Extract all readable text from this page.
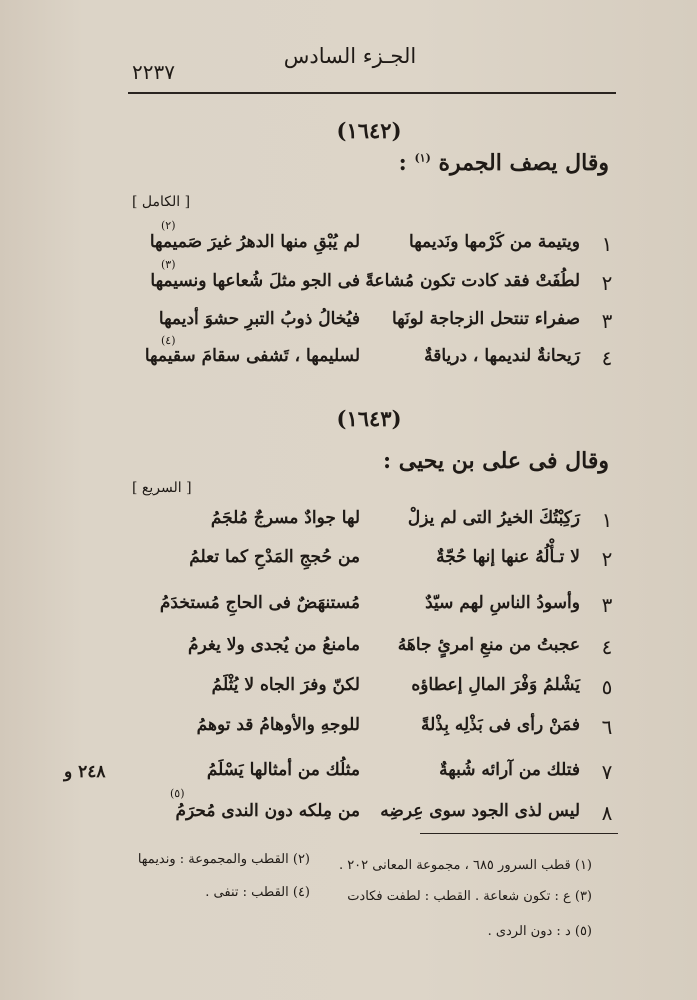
الجـزء السادس
٢٢٣٧
(١٦٤٢)
وقال يصف الجمرة $^{(١)}$ :
[ الكامل ]
١
ويتيمة من كَرْمها ونَديمها
لم يُبْقِ منها الدهرُ غيرَ صَميمها
(٢)
٢
لطُفَتْ فقد كادت تكون مُشاعةً
فى الجو مثلَ شُعاعها ونسيمها
(٣)
٣
صفراء تنتحل الزجاجة لونَها
فيُخالُ ذوبُ التبرِ حشوَ أديمها
٤
رَيحانةٌ لنديمها ، درياقةٌ
لسليمها ، تَشفى سقامَ سقيمها
(٤)
(١٦٤٣)
وقال فى على بن يحيى :
[ السريع ]
١
رَكِبْتُكَ الخيرُ التى لم يزلْ
لها جوادٌ مسرجٌ مُلجَمُ
٢
لا تـأْلُهُ عنها إنها حُجّةٌ
من حُججِ المَدْحِ كما تعلمُ
٣
وأسودُ الناسِ لهم سيّدٌ
مُستنهَضٌ فى الحاجِ مُستخدَمُ
٤
عجبتُ من منعِ امرئٍ جاهَهُ
مامنعُ من يُجدى ولا يغرمُ
٥
يَشْلمُ وَفْرَ المالِ إعطاؤه
لكنّ وفرَ الجاه لا يُثْلَمُ
٦
فمَنْ رأى فى بَذْلِه بِذْلةً
للوجهِ والأوهامُ قد توهمُ
٧
فتلك من آرائه شُبهةٌ
مثلُك من أمثالها يَسْلَمُ
٢٤٨ و
٨
ليس لذى الجود سوى عِرضِه
من مِلكه دون الندى مُحرَمُ
(٥)
(١) قطب السرور ٦٨٥ ، مجموعة المعانى ٢٠٢ .
(٢) القطب والمجموعة : ونديمها
(٣) ع : تكون شعاعة . القطب : لطفت فكادت
(٤) القطب : تنفى .
(٥) د : دون الردى .
